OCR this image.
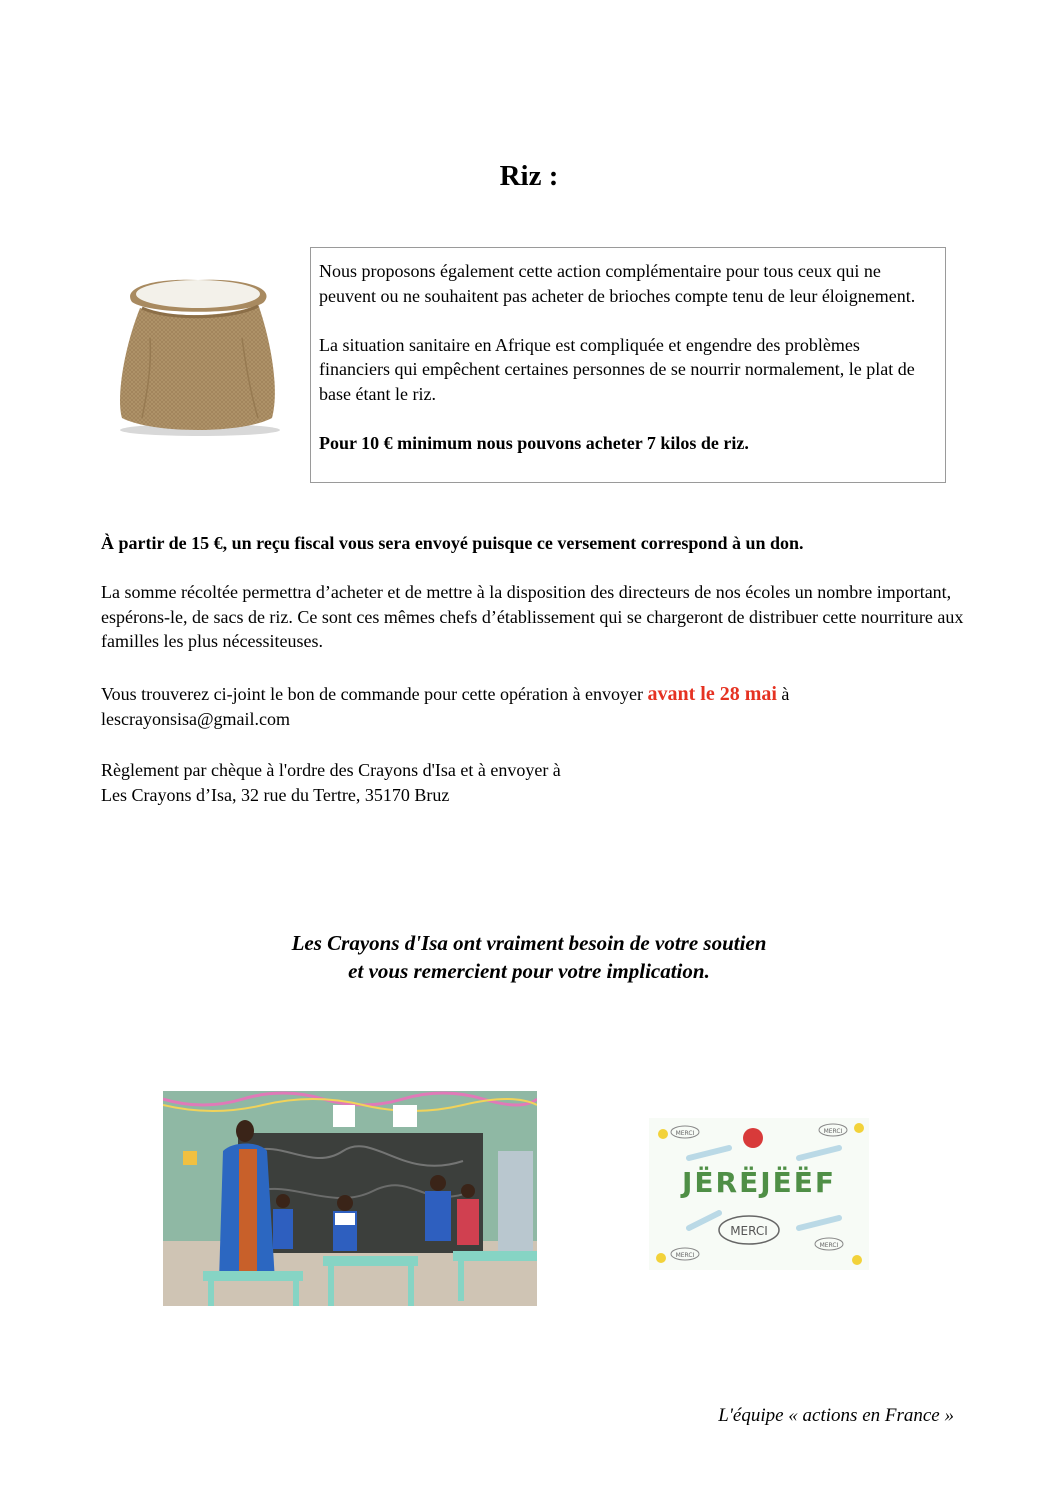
Riz :

Nous proposons également cette action complémentaire pour tous ceux qui ne peuvent ou ne souhaitent pas acheter de brioches compte tenu de leur éloignement.

La situation sanitaire en Afrique est compliquée et engendre des problèmes financiers qui empêchent certaines personnes de se nourrir normalement, le plat de base étant le riz.

Pour 10 € minimum nous pouvons acheter 7 kilos de riz.

À partir de 15 €, un reçu fiscal vous sera envoyé puisque ce versement correspond à un don.
La somme récoltée permettra d’acheter et de mettre à la disposition des directeurs de nos écoles un nombre important, espérons-le, de sacs de riz. Ce sont ces mêmes chefs d’établissement qui se chargeront de distribuer cette nourriture aux familles les plus nécessiteuses.
Vous trouverez ci-joint le bon de commande pour cette opération à envoyer avant le 28 mai à
lescrayonsisa@gmail.com
Règlement par chèque à l'ordre des Crayons d'Isa et à envoyer à
Les Crayons d’Isa, 32 rue du Tertre, 35170 Bruz
Les Crayons d'Isa ont vraiment besoin de votre soutien
et vous remercient pour votre implication.
JËRËJËËF
MERCI
MERCI	MERCI
MERCI
MERCI
L'équipe « actions en France »
